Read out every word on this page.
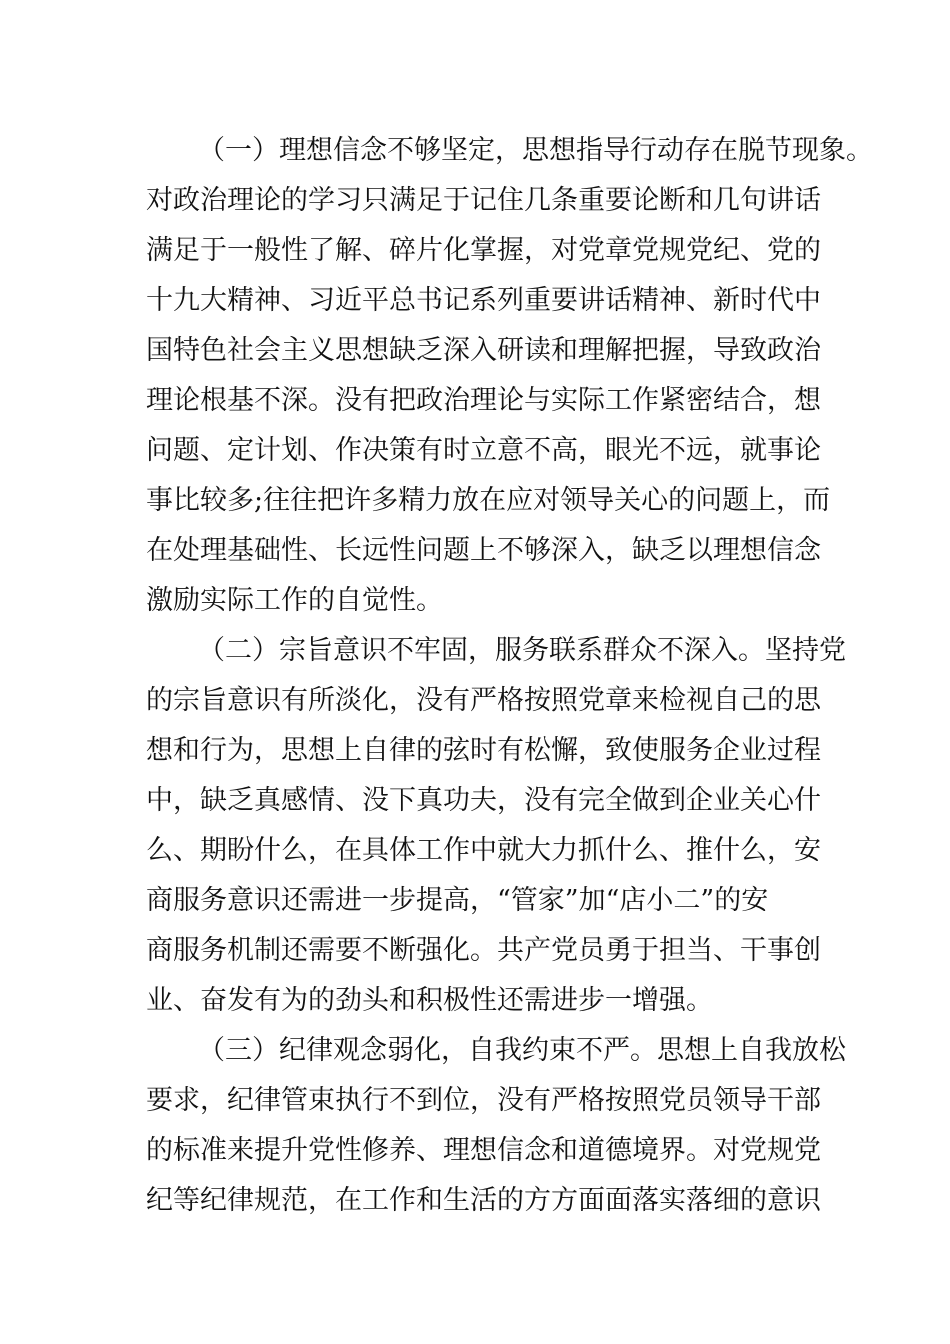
（一）理想信念不够坚定，思想指导行动存在脱节现象。
对政治理论的学习只满足于记住几条重要论断和几句讲话
满足于一般性了解、碎片化掌握，对党章党规党纪、党的
十九大精神、习近平总书记系列重要讲话精神、新时代中
国特色社会主义思想缺乏深入研读和理解把握，导致政治
理论根基不深。没有把政治理论与实际工作紧密结合，想
问题、定计划、作决策有时立意不高，眼光不远，就事论
事比较多;往往把许多精力放在应对领导关心的问题上，而
在处理基础性、长远性问题上不够深入，缺乏以理想信念
激励实际工作的自觉性。
（二）宗旨意识不牢固，服务联系群众不深入。坚持党
的宗旨意识有所淡化，没有严格按照党章来检视自己的思
想和行为，思想上自律的弦时有松懈，致使服务企业过程
中，缺乏真感情、没下真功夫，没有完全做到企业关心什
么、期盼什么，在具体工作中就大力抓什么、推什么，安
商服务意识还需进一步提高，“管家”加“店小二”的安
商服务机制还需要不断强化。共产党员勇于担当、干事创
业、奋发有为的劲头和积极性还需进步一增强。
（三）纪律观念弱化，自我约束不严。思想上自我放松
要求，纪律管束执行不到位，没有严格按照党员领导干部
的标准来提升党性修养、理想信念和道德境界。对党规党
纪等纪律规范，在工作和生活的方方面面落实落细的意识
